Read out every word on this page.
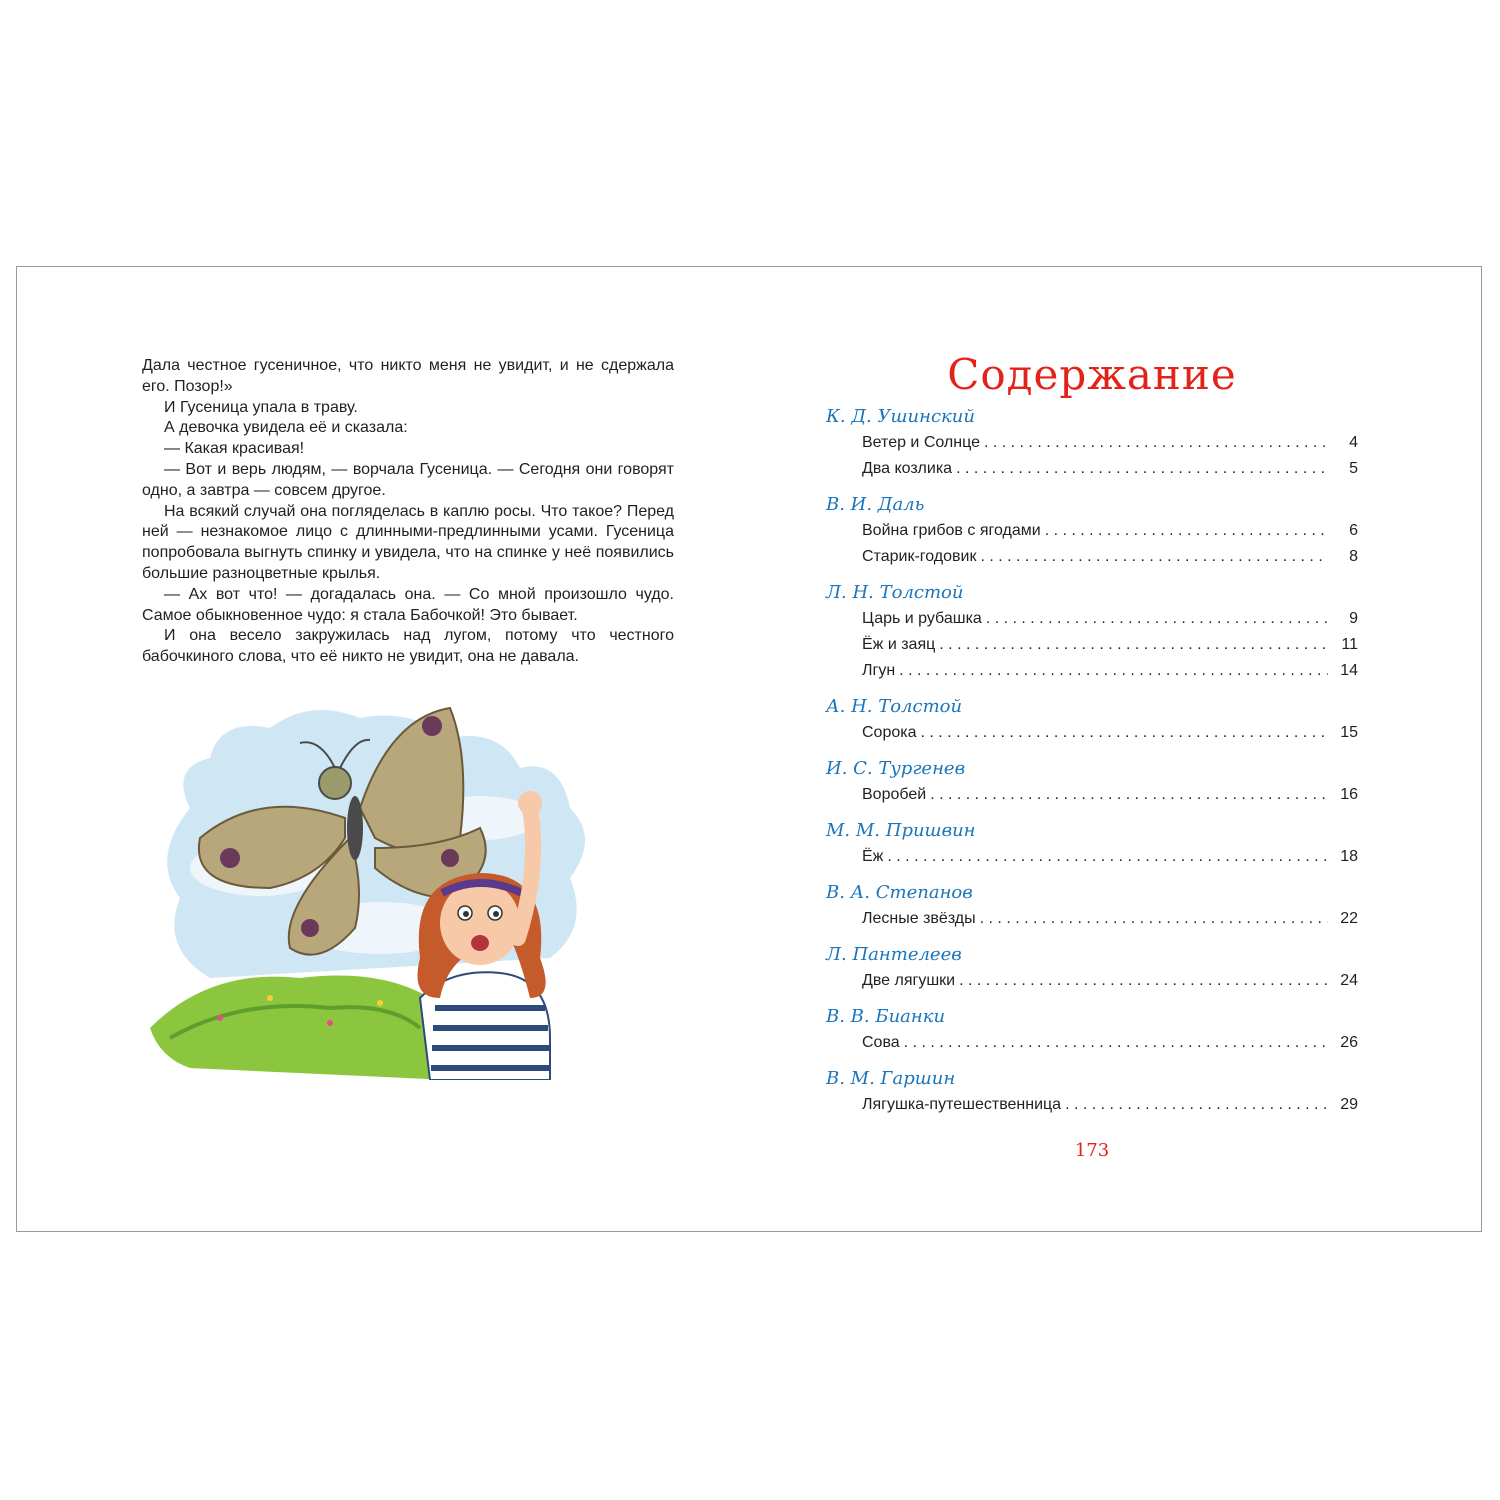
Дала честное гусеничное, что никто меня не увидит, и не сдержала его. Позор!»

И Гусеница упала в траву.

А девочка увидела её и сказала:

— Какая красивая!

— Вот и верь людям, — ворчала Гусеница. — Сегодня они говорят одно, а завтра — совсем другое.

На всякий случай она погляделась в каплю росы. Что такое? Перед ней — незнакомое лицо с длинными-предлинными усами. Гусеница попробовала выгнуть спинку и увидела, что на спинке у неё появились большие разноцветные крылья.

— Ах вот что! — догадалась она. — Со мной произошло чудо. Самое обыкновенное чудо: я стала Бабочкой! Это бывает.

И она весело закружилась над лугом, потому что честного бабочкиного слова, что её никто не увидит, она не давала.

Содержание
К. Д. Ушинский
Ветер и Солнце . . .	4
Два козлика . . .	5
В. И. Даль
Война грибов с ягодами . . .	6
Старик-годовик . . .	8
Л. Н. Толстой
Царь и рубашка . . .	9
Ёж и заяц . . .	11
Лгун . . .	14
А. Н. Толстой
Сорока . . .	15
И. С. Тургенев
Воробей . . .	16
М. М. Пришвин
Ёж . . .	18
В. А. Степанов
Лесные звёзды . . .	22
Л. Пантелеев
Две лягушки . . .	24
В. В. Бианки
Сова . . .	26
В. М. Гаршин
Лягушка-путешественница . . .	29
173
